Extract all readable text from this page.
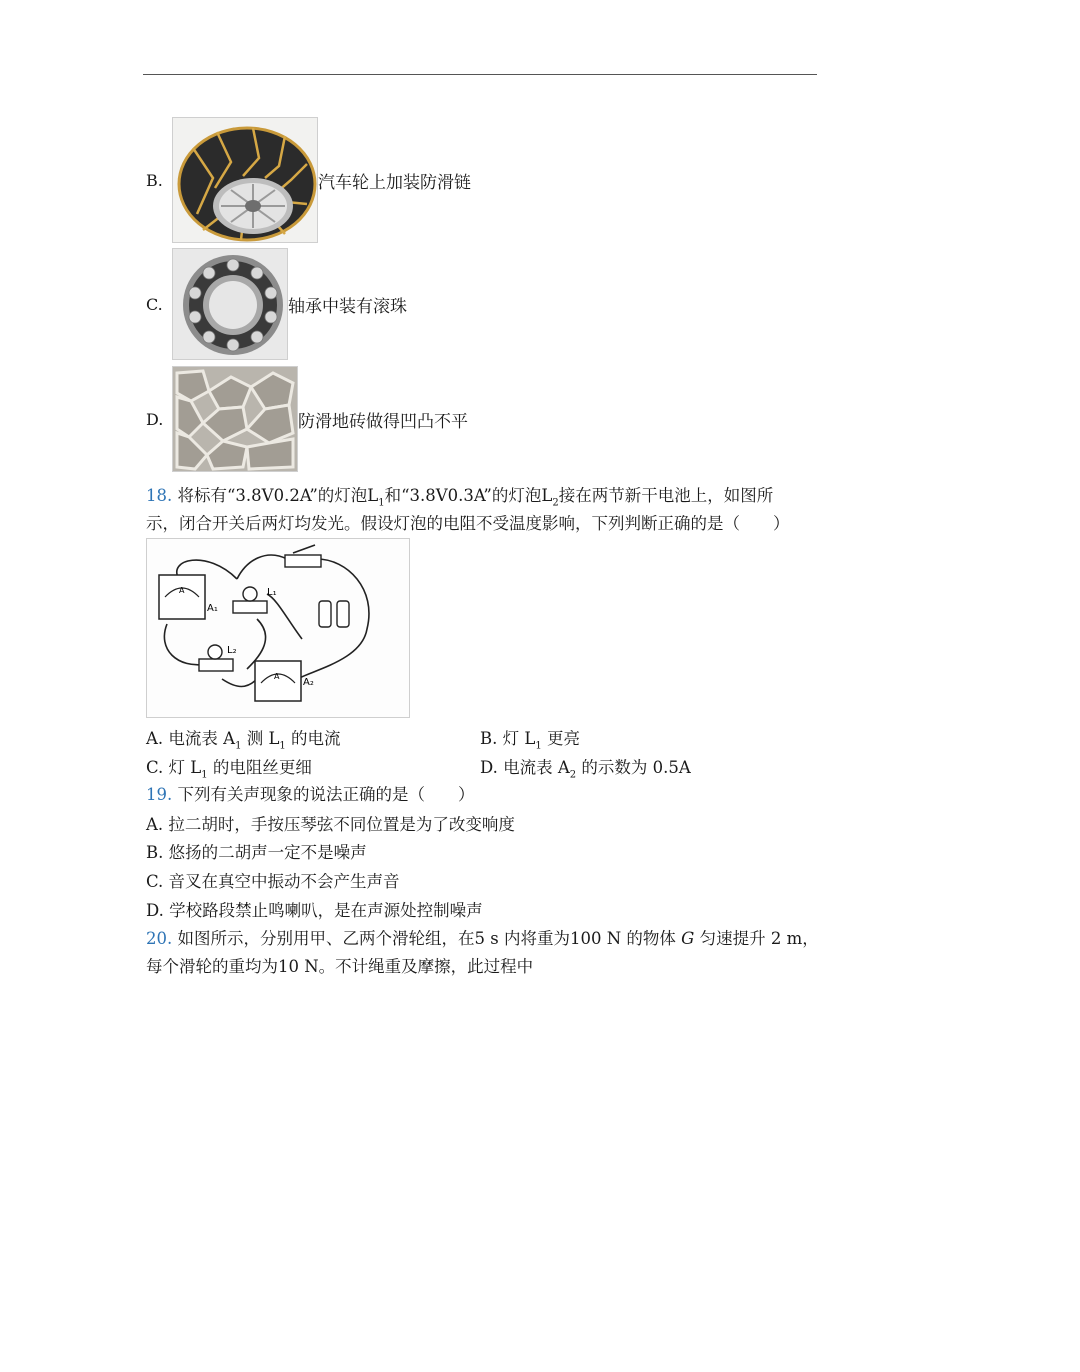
B.	汽车轮上加装防滑链
C.	轴承中装有滚珠
D.	防滑地砖做得凹凸不平
18. 将标有“3.8V0.2A”的灯泡$L_1$和“3.8V0.3A”的灯泡$L_2$接在两节新干电池上，如图所
示，闭合开关后两灯均发光。假设灯泡的电阻不受温度影响，下列判断正确的是（　　）
A
A₁
L₁
L₂
A
A₂
A. 电流表 $A_1$ 测 $L_1$ 的电流	B. 灯 $L_1$ 更亮
C. 灯 $L_1$ 的电阻丝更细	D. 电流表 $A_2$ 的示数为 0.5A
19. 下列有关声现象的说法正确的是（　　）
A. 拉二胡时，手按压琴弦不同位置是为了改变响度
B. 悠扬的二胡声一定不是噪声
C. 音叉在真空中振动不会产生声音
D. 学校路段禁止鸣喇叭，是在声源处控制噪声
20. 如图所示，分别用甲、乙两个滑轮组，在5 s 内将重为100 N 的物体 G 匀速提升 2 m，
每个滑轮的重均为10 N。不计绳重及摩擦，此过程中
